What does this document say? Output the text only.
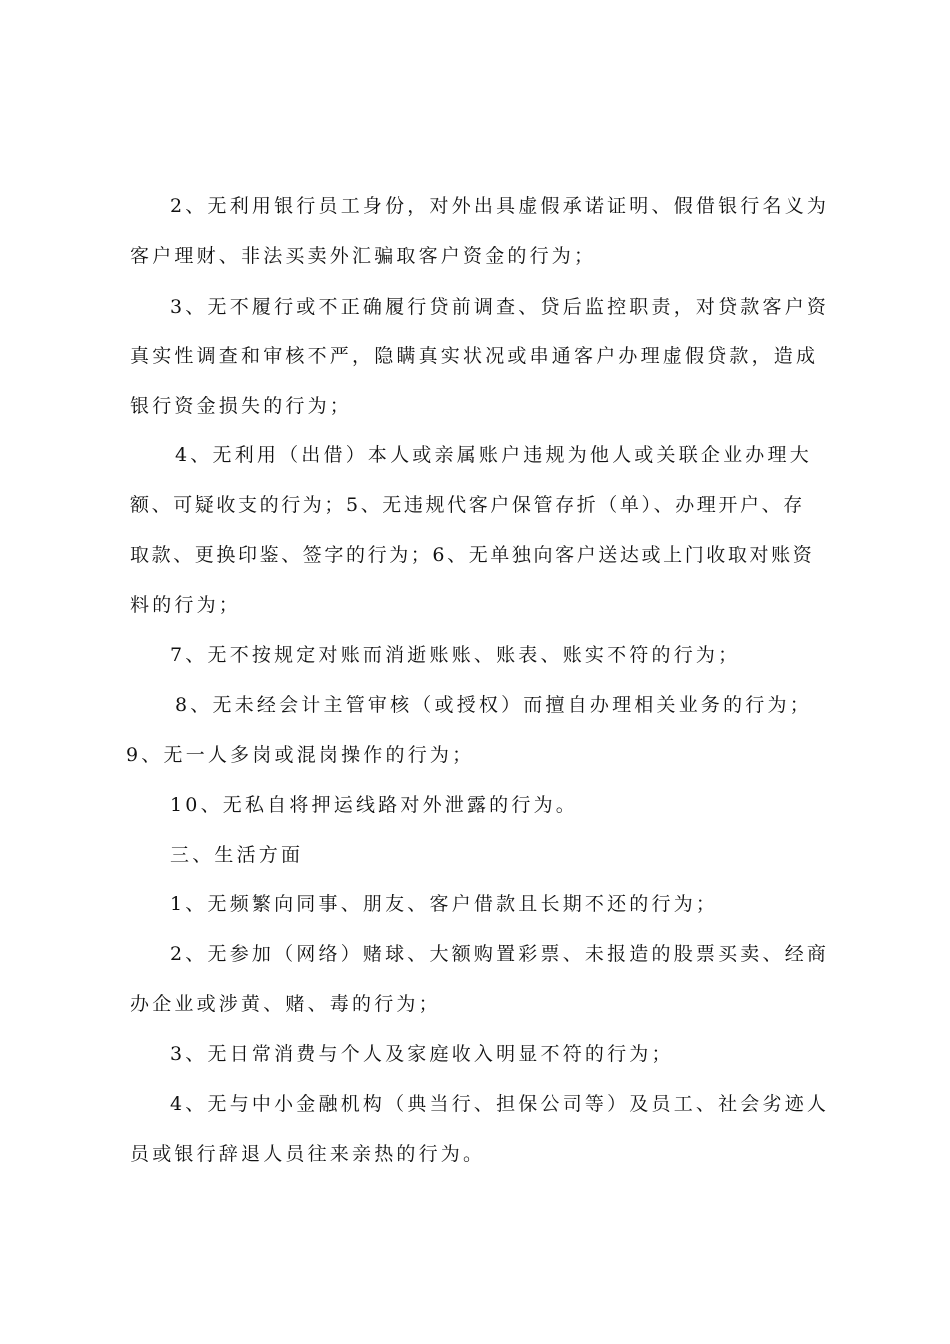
2、无利用银行员工身份，对外出具虚假承诺证明、假借银行名义为
客户理财、非法买卖外汇骗取客户资金的行为；
3、无不履行或不正确履行贷前调查、贷后监控职责，对贷款客户资
真实性调查和审核不严，隐瞒真实状况或串通客户办理虚假贷款，造成
银行资金损失的行为；
4、无利用（出借）本人或亲属账户违规为他人或关联企业办理大
额、可疑收支的行为；5、无违规代客户保管存折（单）、办理开户、存
取款、更换印鉴、签字的行为；6、无单独向客户送达或上门收取对账资
料的行为；
7、无不按规定对账而消逝账账、账表、账实不符的行为；
8、无未经会计主管审核（或授权）而擅自办理相关业务的行为；
9、无一人多岗或混岗操作的行为；
10、无私自将押运线路对外泄露的行为。
三、生活方面
1、无频繁向同事、朋友、客户借款且长期不还的行为；
2、无参加（网络）赌球、大额购置彩票、未报造的股票买卖、经商
办企业或涉黄、赌、毒的行为；
3、无日常消费与个人及家庭收入明显不符的行为；
4、无与中小金融机构（典当行、担保公司等）及员工、社会劣迹人
员或银行辞退人员往来亲热的行为。
